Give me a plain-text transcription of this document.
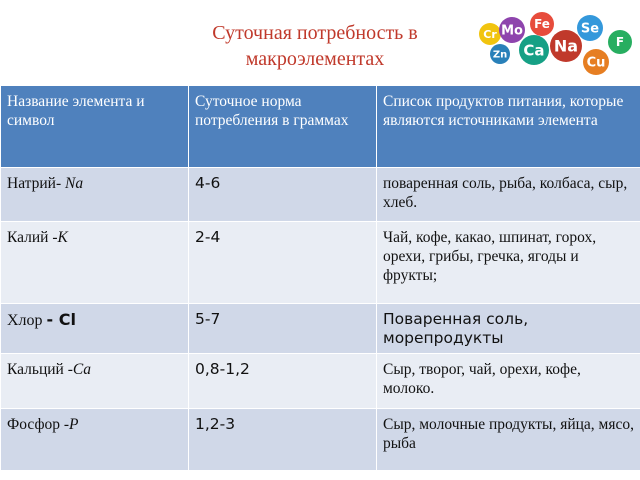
Суточная потребность в макроэлементах
Cr Mo Fe Se
F
Zn Ca Na
Cu
Название элемента и символ	Суточное норма потребления в граммах	Список продуктов питания, которые являются источниками элемента
Натрий- Na	4-6	поваренная соль, рыба, колбаса, сыр, хлеб.
Калий -K	2-4	Чай, кофе, какао, шпинат, горох, орехи, грибы, гречка, ягоды и фрукты;
Хлор - Cl	5-7	Поваренная соль, морепродукты
Кальций -Ca	0,8-1,2	Сыр, творог, чай, орехи, кофе, молоко.
Фосфор -P	1,2-3	Сыр, молочные продукты, яйца, мясо, рыба
